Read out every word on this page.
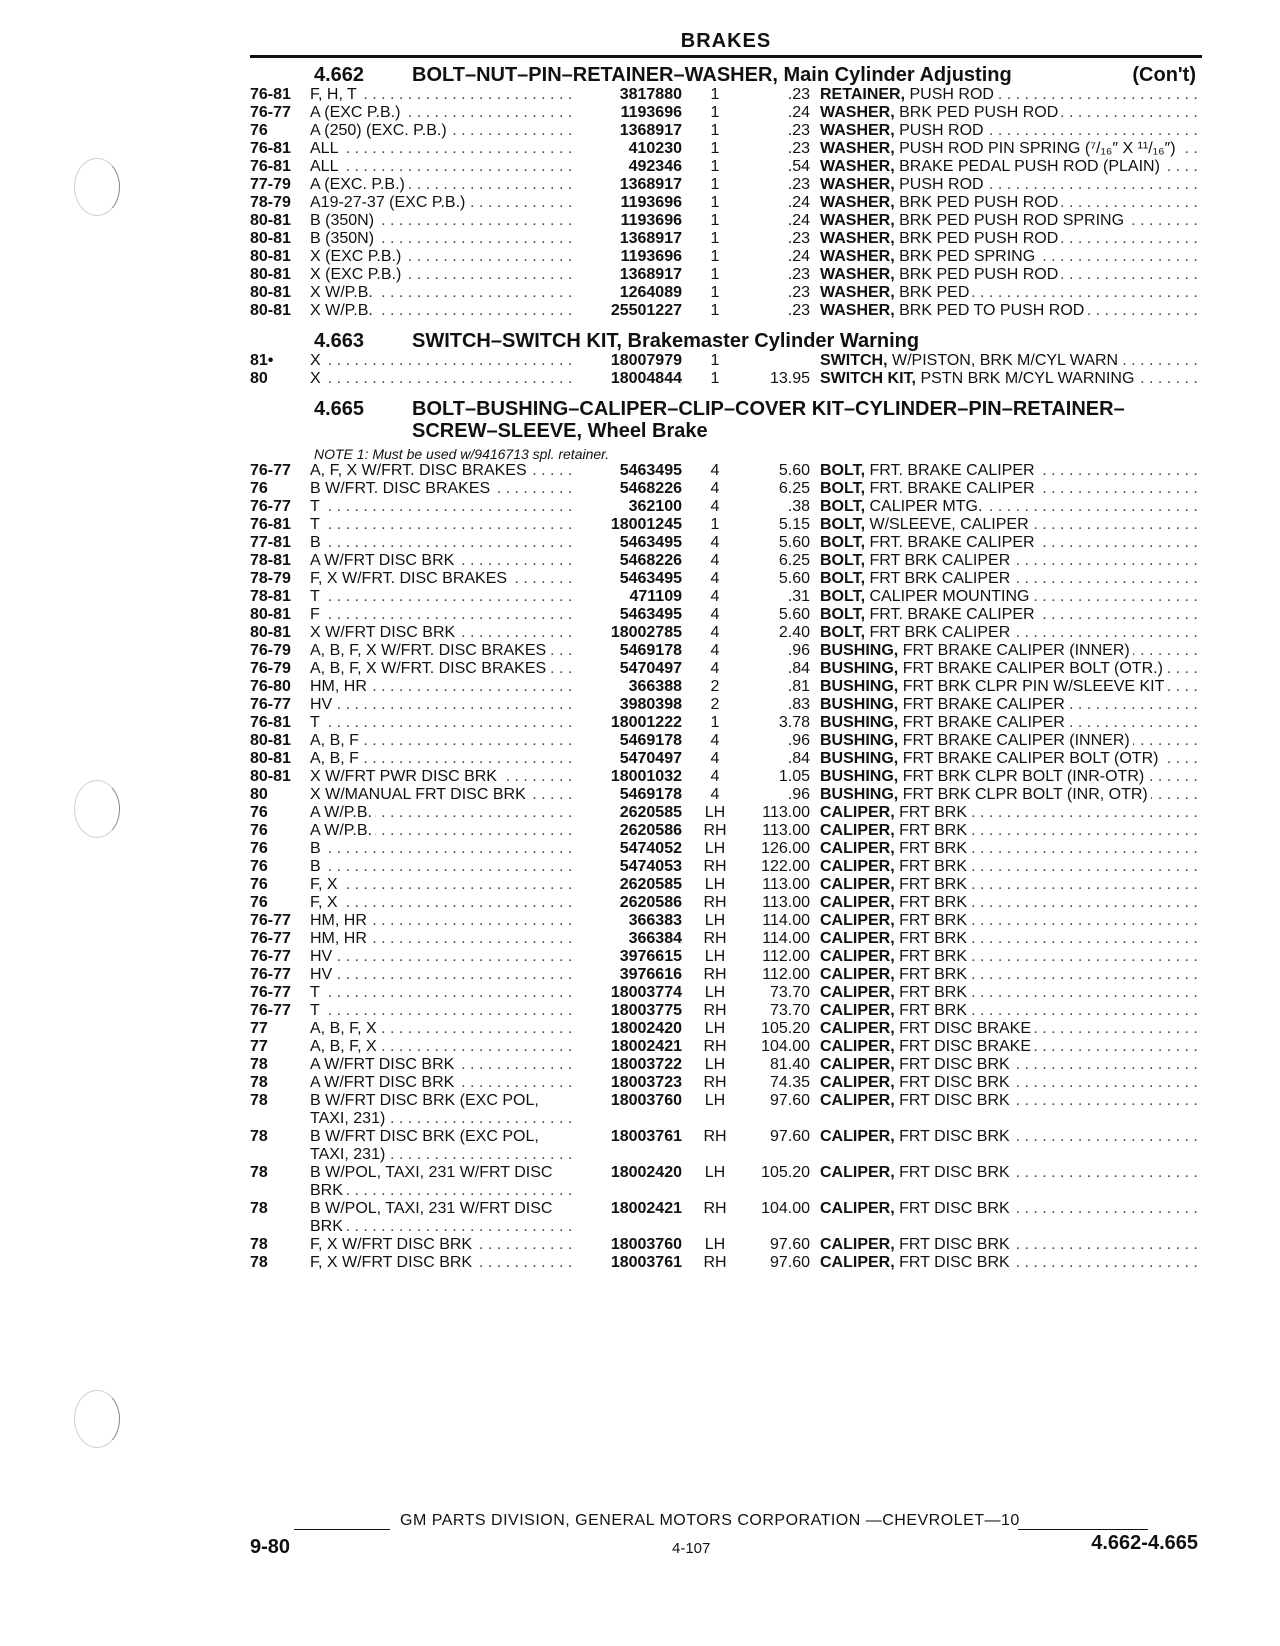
BRAKES
4.662	BOLT–NUT–PIN–RETAINER–WASHER, Main Cylinder Adjusting	(Con't)
76-81	F, H, T . . .	3817880	1	.23 RETAINER, PUSH ROD . . .
76-77	A (EXC P.B.) . . .	1193696	1	.24 WASHER, BRK PED PUSH ROD . . .
76	A (250) (EXC. P.B.) . . .	1368917	1	.23 WASHER, PUSH ROD . . .
76-81	ALL . . .	410230	1	.23 WASHER, PUSH ROD PIN SPRING (⁷/₁₆″ X ¹¹/₁₆″) . . .
76-81	ALL . . .	492346	1	.54 WASHER, BRAKE PEDAL PUSH ROD (PLAIN) . . .
77-79	A (EXC. P.B.) . . .	1368917	1	.23 WASHER, PUSH ROD . . .
78-79	A19-27-37 (EXC P.B.) . . .	1193696	1	.24 WASHER, BRK PED PUSH ROD . . .
80-81	B (350N) . . .	1193696	1	.24 WASHER, BRK PED PUSH ROD SPRING . . .
80-81	B (350N) . . .	1368917	1	.23 WASHER, BRK PED PUSH ROD . . .
80-81	X (EXC P.B.) . . .	1193696	1	.24 WASHER, BRK PED SPRING . . .
80-81	X (EXC P.B.) . . .	1368917	1	.23 WASHER, BRK PED PUSH ROD . . .
80-81	X W/P.B. . . .	1264089	1	.23 WASHER, BRK PED . . .
80-81	X W/P.B. . . .	25501227	1	.23 WASHER, BRK PED TO PUSH ROD . . .
4.663	SWITCH–SWITCH KIT, Brakemaster Cylinder Warning
81•	X . . .	18007979	1	SWITCH, W/PISTON, BRK M/CYL WARN . . .
80	X . . .	18004844	1	13.95 SWITCH KIT, PSTN BRK M/CYL WARNING . . .
4.665	BOLT–BUSHING–CALIPER–CLIP–COVER KIT–CYLINDER–PIN–RETAINER–SCREW–SLEEVE, Wheel Brake
NOTE 1: Must be used w/9416713 spl. retainer.
76-77	A, F, X W/FRT. DISC BRAKES . . .	5463495	4	5.60 BOLT, FRT. BRAKE CALIPER . . .
76	B W/FRT. DISC BRAKES . . .	5468226	4	6.25 BOLT, FRT. BRAKE CALIPER . . .
76-77	T . . .	362100	4	.38 BOLT, CALIPER MTG. . . .
76-81	T . . .	18001245	1	5.15 BOLT, W/SLEEVE, CALIPER . . .
77-81	B . . .	5463495	4	5.60 BOLT, FRT. BRAKE CALIPER . . .
78-81	A W/FRT DISC BRK . . .	5468226	4	6.25 BOLT, FRT BRK CALIPER . . .
78-79	F, X W/FRT. DISC BRAKES . . .	5463495	4	5.60 BOLT, FRT BRK CALIPER . . .
78-81	T . . .	471109	4	.31 BOLT, CALIPER MOUNTING . . .
80-81	F . . .	5463495	4	5.60 BOLT, FRT. BRAKE CALIPER . . .
80-81	X W/FRT DISC BRK . . .	18002785	4	2.40 BOLT, FRT BRK CALIPER . . .
76-79	A, B, F, X W/FRT. DISC BRAKES . . .	5469178	4	.96 BUSHING, FRT BRAKE CALIPER (INNER) . . .
76-79	A, B, F, X W/FRT. DISC BRAKES . . .	5470497	4	.84 BUSHING, FRT BRAKE CALIPER BOLT (OTR.) . . .
76-80	HM, HR . . .	366388	2	.81 BUSHING, FRT BRK CLPR PIN W/SLEEVE KIT . . .
76-77	HV . . .	3980398	2	.83 BUSHING, FRT BRAKE CALIPER . . .
76-81	T . . .	18001222	1	3.78 BUSHING, FRT BRAKE CALIPER . . .
80-81	A, B, F . . .	5469178	4	.96 BUSHING, FRT BRAKE CALIPER (INNER) . . .
80-81	A, B, F . . .	5470497	4	.84 BUSHING, FRT BRAKE CALIPER BOLT (OTR) . . .
80-81	X W/FRT PWR DISC BRK . . .	18001032	4	1.05 BUSHING, FRT BRK CLPR BOLT (INR-OTR) . . .
80	X W/MANUAL FRT DISC BRK . . .	5469178	4	.96 BUSHING, FRT BRK CLPR BOLT (INR, OTR) . . .
76	A W/P.B. . . .	2620585	LH	113.00 CALIPER, FRT BRK . . .
76	A W/P.B. . . .	2620586	RH	113.00 CALIPER, FRT BRK . . .
76	B . . .	5474052	LH	126.00 CALIPER, FRT BRK . . .
76	B . . .	5474053	RH	122.00 CALIPER, FRT BRK . . .
76	F, X . . .	2620585	LH	113.00 CALIPER, FRT BRK . . .
76	F, X . . .	2620586	RH	113.00 CALIPER, FRT BRK . . .
76-77	HM, HR . . .	366383	LH	114.00 CALIPER, FRT BRK . . .
76-77	HM, HR . . .	366384	RH	114.00 CALIPER, FRT BRK . . .
76-77	HV . . .	3976615	LH	112.00 CALIPER, FRT BRK . . .
76-77	HV . . .	3976616	RH	112.00 CALIPER, FRT BRK . . .
76-77	T . . .	18003774	LH	73.70 CALIPER, FRT BRK . . .
76-77	T . . .	18003775	RH	73.70 CALIPER, FRT BRK . . .
77	A, B, F, X . . .	18002420	LH	105.20 CALIPER, FRT DISC BRAKE . . .
77	A, B, F, X . . .	18002421	RH	104.00 CALIPER, FRT DISC BRAKE . . .
78	A W/FRT DISC BRK . . .	18003722	LH	81.40 CALIPER, FRT DISC BRK . . .
78	A W/FRT DISC BRK . . .	18003723	RH	74.35 CALIPER, FRT DISC BRK . . .
78	B W/FRT DISC BRK (EXC POL, TAXI, 231) . . .
18003760	LH	97.60 CALIPER, FRT DISC BRK . . .
78	B W/FRT DISC BRK (EXC POL, TAXI, 231) . . .
18003761	RH	97.60 CALIPER, FRT DISC BRK . . .
78	B W/POL, TAXI, 231 W/FRT DISC BRK . . .
18002420	LH	105.20 CALIPER, FRT DISC BRK . . .
78	B W/POL, TAXI, 231 W/FRT DISC BRK . . .
18002421	RH	104.00 CALIPER, FRT DISC BRK . . .
78	F, X W/FRT DISC BRK . . .	18003760	LH	97.60 CALIPER, FRT DISC BRK . . .
78	F, X W/FRT DISC BRK . . .	18003761	RH	97.60 CALIPER, FRT DISC BRK . . .
GM PARTS DIVISION, GENERAL MOTORS CORPORATION —CHEVROLET—10
9-80	4-107	4.662-4.665
